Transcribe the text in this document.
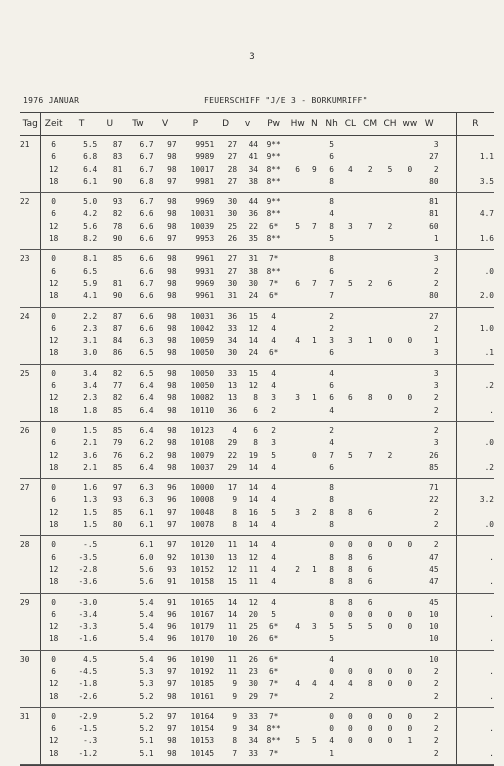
3
1976 JANUAR	FEUERSCHIFF "J/E 3 - BORKUMRIFF"
Tag	Zeit	T	U	Tw	V	P	D	v	Pw	Hw	N	Nh	CL	CM	CH	ww	W		R
21	6	5.5	87	6.7	97	9951	27	44	9**			5					3		
	6	6.8	83	6.7	98	9989	27	41	9**			6					27		1.1
	12	6.4	81	6.7	98	10017	28	34	8**	6	9	6	4	2	5	0	2		
	18	6.1	90	6.8	97	9981	27	38	8**			8					80		3.5
22	0	5.0	93	6.7	98	9969	30	44	9**			8					81		
	6	4.2	82	6.6	98	10031	30	36	8**			4					81		4.7
	12	5.6	78	6.6	98	10039	25	22	6*	5	7	8	3	7	2		60		
	18	8.2	90	6.6	97	9953	26	35	8**			5					1		1.6
23	0	8.1	85	6.6	98	9961	27	31	7*			8					3		
	6	6.5		6.6	98	9931	27	38	8**			6					2		.0
	12	5.9	81	6.7	98	9969	30	30	7*	6	7	7	5	2	6		2		
	18	4.1	90	6.6	98	9961	31	24	6*			7					80		2.0
24	0	2.2	87	6.6	98	10031	36	15	4			2					27		
	6	2.3	87	6.6	98	10042	33	12	4			2					2		1.0
	12	3.1	84	6.3	98	10059	34	14	4	4	1	3	3	1	0	0	1		
	18	3.0	86	6.5	98	10050	30	24	6*			6					3		.1
25	0	3.4	82	6.5	98	10050	33	15	4			4					3		
	6	3.4	77	6.4	98	10050	13	12	4			6					3		.2
	12	2.3	82	6.4	98	10082	13	8	3	3	1	6	6	8	0	0	2		
	18	1.8	85	6.4	98	10110	36	6	2			4					2		.
26	0	1.5	85	6.4	98	10123	4	6	2			2					2		
	6	2.1	79	6.2	98	10108	29	8	3			4					3		.0
	12	3.6	76	6.2	98	10079	22	19	5		0	7	5	7	2		26		
	18	2.1	85	6.4	98	10037	29	14	4			6					85		.2
27	0	1.6	97	6.3	96	10000	17	14	4			8					71		
	6	1.3	93	6.3	96	10008	9	14	4			8					22		3.2
	12	1.5	85	6.1	97	10048	8	16	5	3	2	8	8	6			2		
	18	1.5	80	6.1	97	10078	8	14	4			8					2		.0
28	0	-.5		6.1	97	10120	11	14	4			0	0	0	0	0	2		
	6	-3.5		6.0	92	10130	13	12	4			8	8	6			47		.
	12	-2.8		5.6	93	10152	12	11	4	2	1	8	8	6			45		
	18	-3.6		5.6	91	10158	15	11	4			8	8	6			47		.
29	0	-3.0		5.4	91	10165	14	12	4			8	8	6			45		
	6	-3.4		5.4	96	10167	14	20	5			0	0	0	0	0	10		.
	12	-3.3		5.4	96	10179	11	25	6*	4	3	5	5	5	0	0	10		
	18	-1.6		5.4	96	10170	10	26	6*			5					10		.
30	0	4.5		5.4	96	10190	11	26	6*			4					10		
	6	-4.5		5.3	97	10192	11	23	6*			0	0	0	0	0	2		.
	12	-1.8		5.3	97	10185	9	30	7*	4	4	4	4	8	0	0	2		
	18	-2.6		5.2	98	10161	9	29	7*			2					2		.
31	0	-2.9		5.2	97	10164	9	33	7*			0	0	0	0	0	2		
	6	-1.5		5.2	97	10154	9	34	8**			0	0	0	0	0	2		.
	12	-.3		5.1	98	10153	8	34	8**	5	5	4	0	0	0	1	2		
	18	-1.2		5.1	98	10145	7	33	7*			1					2		.
